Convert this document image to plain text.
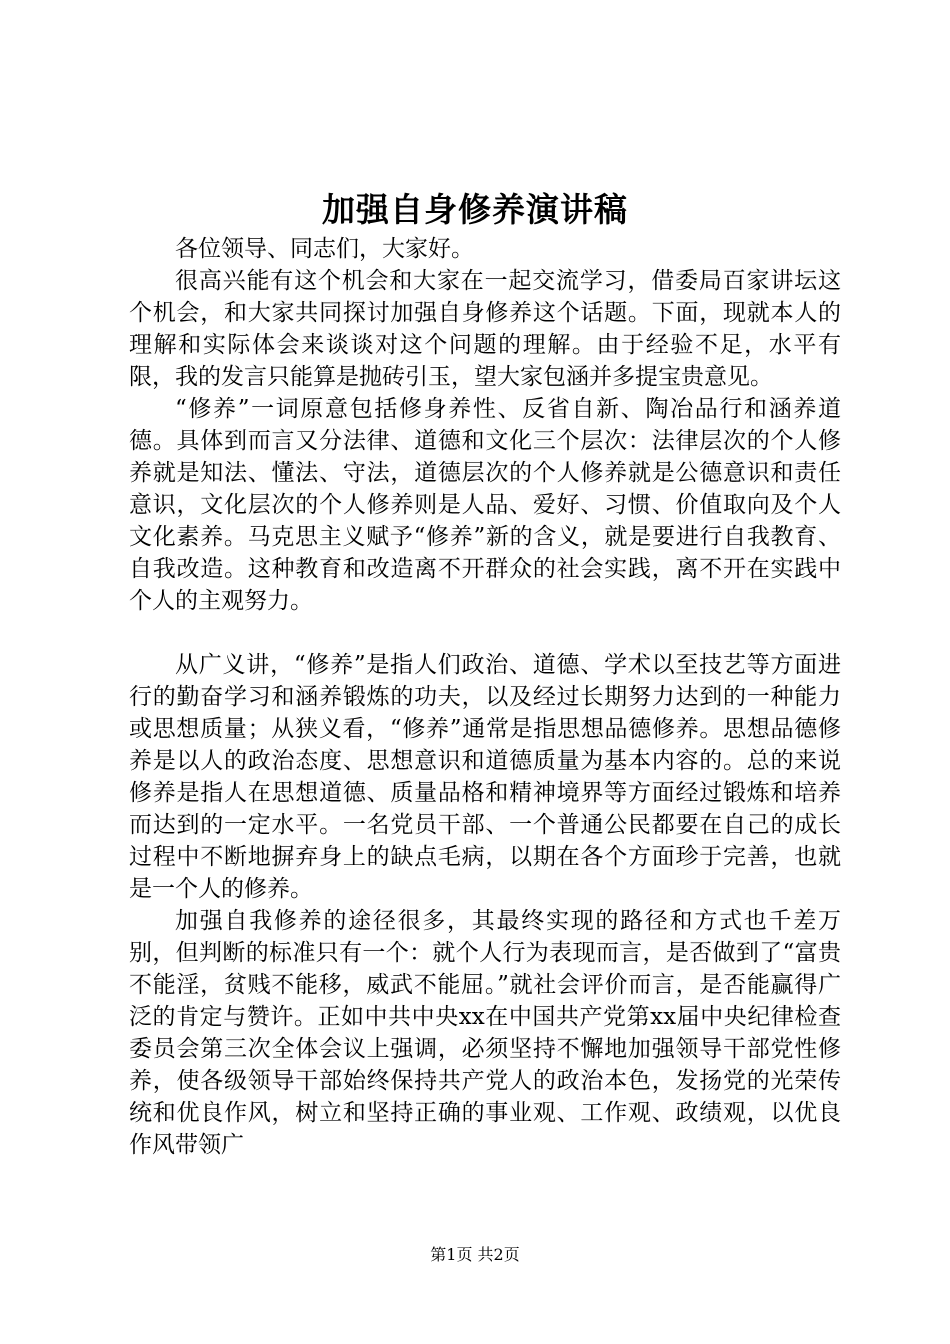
加强自身修养演讲稿

各位领导、同志们，大家好。

很高兴能有这个机会和大家在一起交流学习，借委局百家讲坛这个机会，和大家共同探讨加强自身修养这个话题。下面，现就本人的理解和实际体会来谈谈对这个问题的理解。由于经验不足，水平有限，我的发言只能算是抛砖引玉，望大家包涵并多提宝贵意见。

“修养”一词原意包括修身养性、反省自新、陶冶品行和涵养道德。具体到而言又分法律、道德和文化三个层次：法律层次的个人修养就是知法、懂法、守法，道德层次的个人修养就是公德意识和责任意识，文化层次的个人修养则是人品、爱好、习惯、价值取向及个人文化素养。马克思主义赋予“修养”新的含义，就是要进行自我教育、自我改造。这种教育和改造离不开群众的社会实践，离不开在实践中个人的主观努力。

从广义讲，“修养”是指人们政治、道德、学术以至技艺等方面进行的勤奋学习和涵养锻炼的功夫，以及经过长期努力达到的一种能力或思想质量；从狭义看，“修养”通常是指思想品德修养。思想品德修养是以人的政治态度、思想意识和道德质量为基本内容的。总的来说修养是指人在思想道德、质量品格和精神境界等方面经过锻炼和培养而达到的一定水平。一名党员干部、一个普通公民都要在自己的成长过程中不断地摒弃身上的缺点毛病，以期在各个方面珍于完善，也就是一个人的修养。

加强自我修养的途径很多，其最终实现的路径和方式也千差万别，但判断的标准只有一个：就个人行为表现而言，是否做到了“富贵不能淫，贫贱不能移，威武不能屈。”就社会评价而言，是否能赢得广泛的肯定与赞许。正如中共中央xx在中国共产党第xx届中央纪律检查委员会第三次全体会议上强调，必须坚持不懈地加强领导干部党性修养，使各级领导干部始终保持共产党人的政治本色，发扬党的光荣传统和优良作风，树立和坚持正确的事业观、工作观、政绩观，以优良作风带领广

第1页 共2页
